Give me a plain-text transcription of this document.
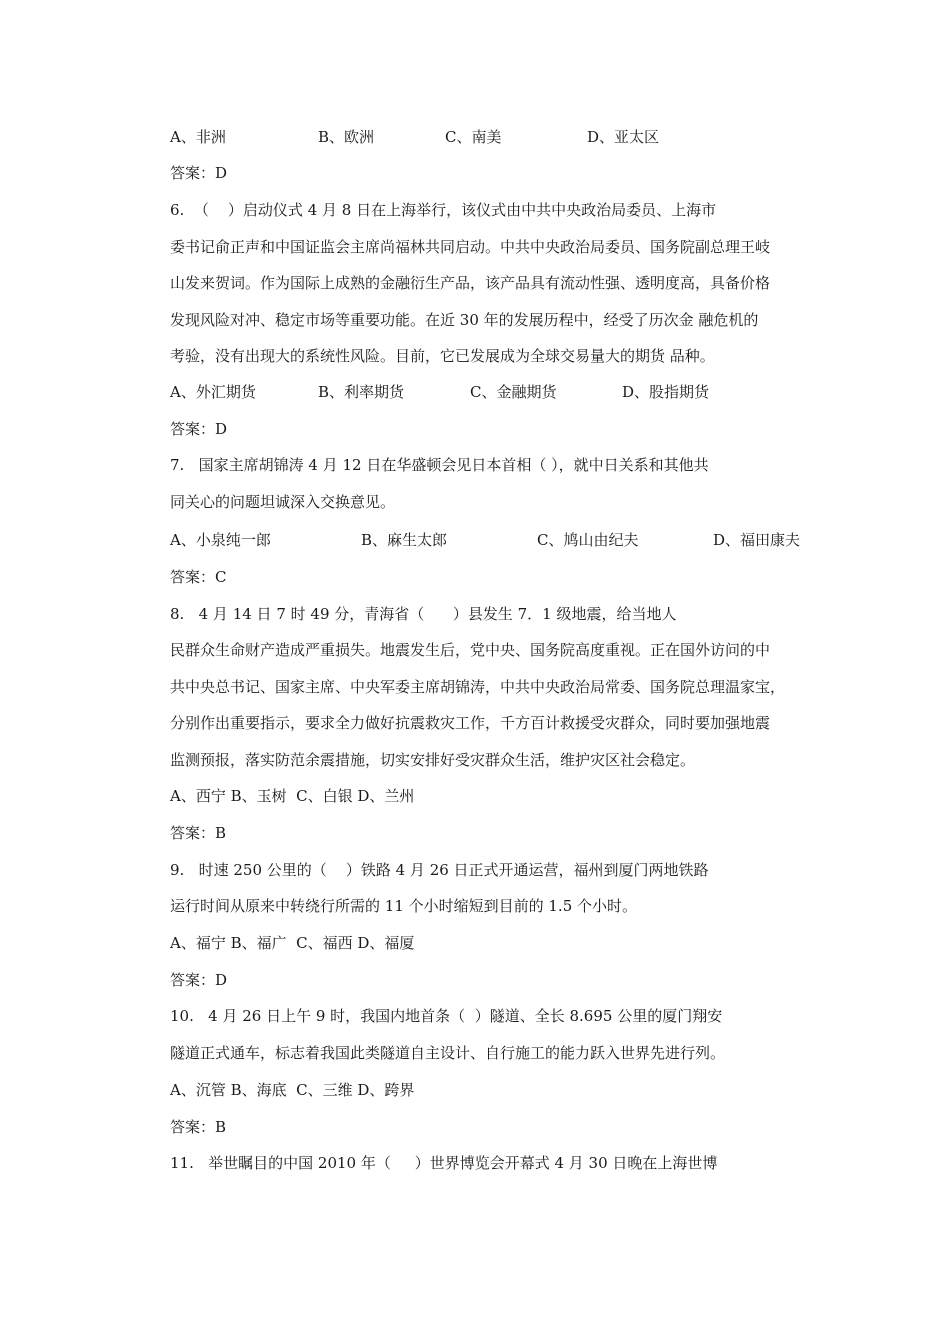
A、非洲	B、欧洲	C、南美	D、亚太区
答案：D
6.  （    ）启动仪式 4 月 8 日在上海举行，该仪式由中共中央政治局委员、上海市
委书记俞正声和中国证监会主席尚福林共同启动。中共中央政治局委员、国务院副总理王岐
山发来贺词。作为国际上成熟的金融衍生产品，该产品具有流动性强、透明度高，具备价格
发现风险对冲、稳定市场等重要功能。在近 30 年的发展历程中，经受了历次金 融危机的
考验，没有出现大的系统性风险。目前，它已发展成为全球交易量大的期货 品种。
A、外汇期货	B、利率期货	C、金融期货	D、股指期货
答案：D
7.   国家主席胡锦涛 4 月 12 日在华盛顿会见日本首相（ ），就中日关系和其他共
同关心的问题坦诚深入交换意见。
A、小泉纯一郎	B、麻生太郎	C、鸠山由纪夫	D、福田康夫
答案：C
8.   4 月 14 日 7 时 49 分，青海省（      ）县发生 7．1 级地震，给当地人
民群众生命财产造成严重损失。地震发生后，党中央、国务院高度重视。正在国外访问的中
共中央总书记、国家主席、中央军委主席胡锦涛，中共中央政治局常委、国务院总理温家宝，
分别作出重要指示，要求全力做好抗震救灾工作，千方百计救援受灾群众，同时要加强地震
监测预报，落实防范余震措施，切实安排好受灾群众生活，维护灾区社会稳定。
A、西宁 B、玉树  C、白银 D、兰州
答案：B
9.   时速 250 公里的（    ）铁路 4 月 26 日正式开通运营，福州到厦门两地铁路
运行时间从原来中转绕行所需的 11 个小时缩短到目前的 1.5 个小时。
A、福宁 B、福广  C、福西 D、福厦
答案：D
10.   4 月 26 日上午 9 时，我国内地首条（  ）隧道、全长 8.695 公里的厦门翔安
隧道正式通车，标志着我国此类隧道自主设计、自行施工的能力跃入世界先进行列。
A、沉管 B、海底  C、三维 D、跨界
答案：B
11.   举世瞩目的中国 2010 年（     ）世界博览会开幕式 4 月 30 日晚在上海世博
